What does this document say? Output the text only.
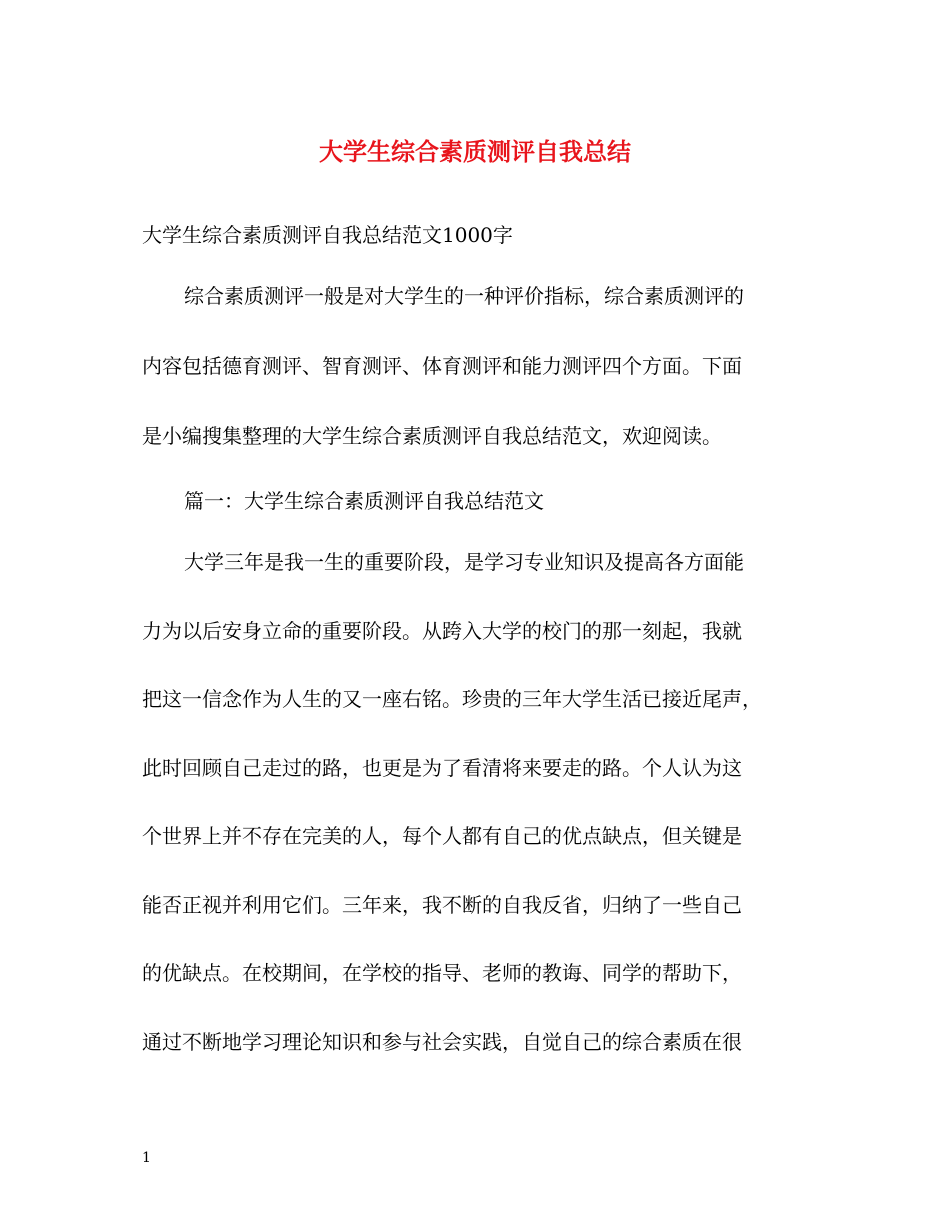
大学生综合素质测评自我总结

大学生综合素质测评自我总结范文1000字

综合素质测评一般是对大学生的一种评价指标，综合素质测评的
内容包括德育测评、智育测评、体育测评和能力测评四个方面。下面
是小编搜集整理的大学生综合素质测评自我总结范文，欢迎阅读。
篇一：大学生综合素质测评自我总结范文
大学三年是我一生的重要阶段，是学习专业知识及提高各方面能
力为以后安身立命的重要阶段。从跨入大学的校门的那一刻起，我就
把这一信念作为人生的又一座右铭。珍贵的三年大学生活已接近尾声，
此时回顾自己走过的路，也更是为了看清将来要走的路。个人认为这
个世界上并不存在完美的人，每个人都有自己的优点缺点，但关键是
能否正视并利用它们。三年来，我不断的自我反省，归纳了一些自己
的优缺点。在校期间，在学校的指导、老师的教诲、同学的帮助下，
通过不断地学习理论知识和参与社会实践，自觉自己的综合素质在很

1
